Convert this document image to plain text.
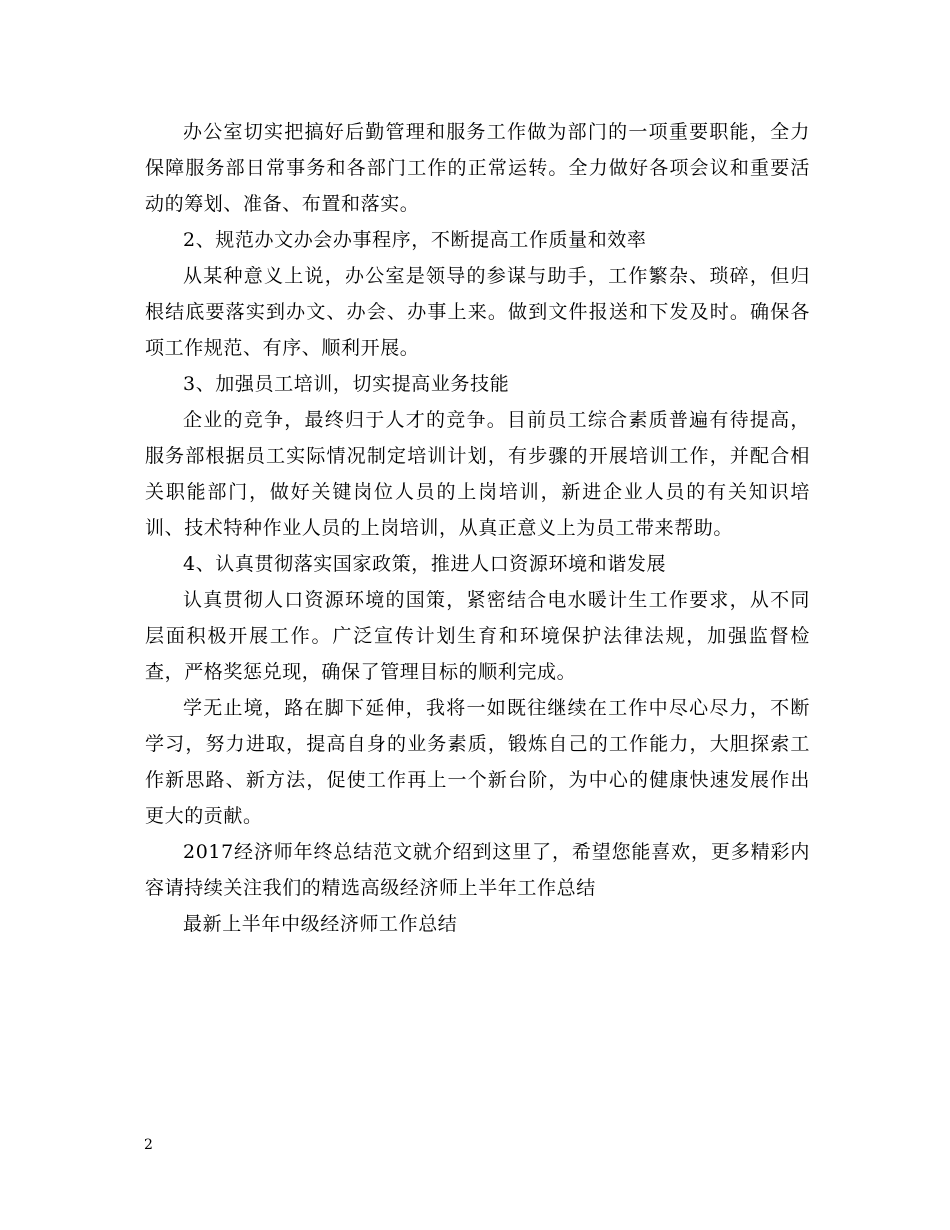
办公室切实把搞好后勤管理和服务工作做为部门的一项重要职能，全力保障服务部日常事务和各部门工作的正常运转。全力做好各项会议和重要活动的筹划、准备、布置和落实。

2、规范办文办会办事程序，不断提高工作质量和效率

从某种意义上说，办公室是领导的参谋与助手，工作繁杂、琐碎，但归根结底要落实到办文、办会、办事上来。做到文件报送和下发及时。确保各项工作规范、有序、顺利开展。

3、加强员工培训，切实提高业务技能

企业的竞争，最终归于人才的竞争。目前员工综合素质普遍有待提高，服务部根据员工实际情况制定培训计划，有步骤的开展培训工作，并配合相关职能部门，做好关键岗位人员的上岗培训，新进企业人员的有关知识培训、技术特种作业人员的上岗培训，从真正意义上为员工带来帮助。

4、认真贯彻落实国家政策，推进人口资源环境和谐发展

认真贯彻人口资源环境的国策，紧密结合电水暖计生工作要求，从不同层面积极开展工作。广泛宣传计划生育和环境保护法律法规，加强监督检查，严格奖惩兑现，确保了管理目标的顺利完成。

学无止境，路在脚下延伸，我将一如既往继续在工作中尽心尽力，不断学习，努力进取，提高自身的业务素质，锻炼自己的工作能力，大胆探索工作新思路、新方法，促使工作再上一个新台阶，为中心的健康快速发展作出更大的贡献。

2017经济师年终总结范文就介绍到这里了，希望您能喜欢，更多精彩内容请持续关注我们的精选高级经济师上半年工作总结

最新上半年中级经济师工作总结

2
